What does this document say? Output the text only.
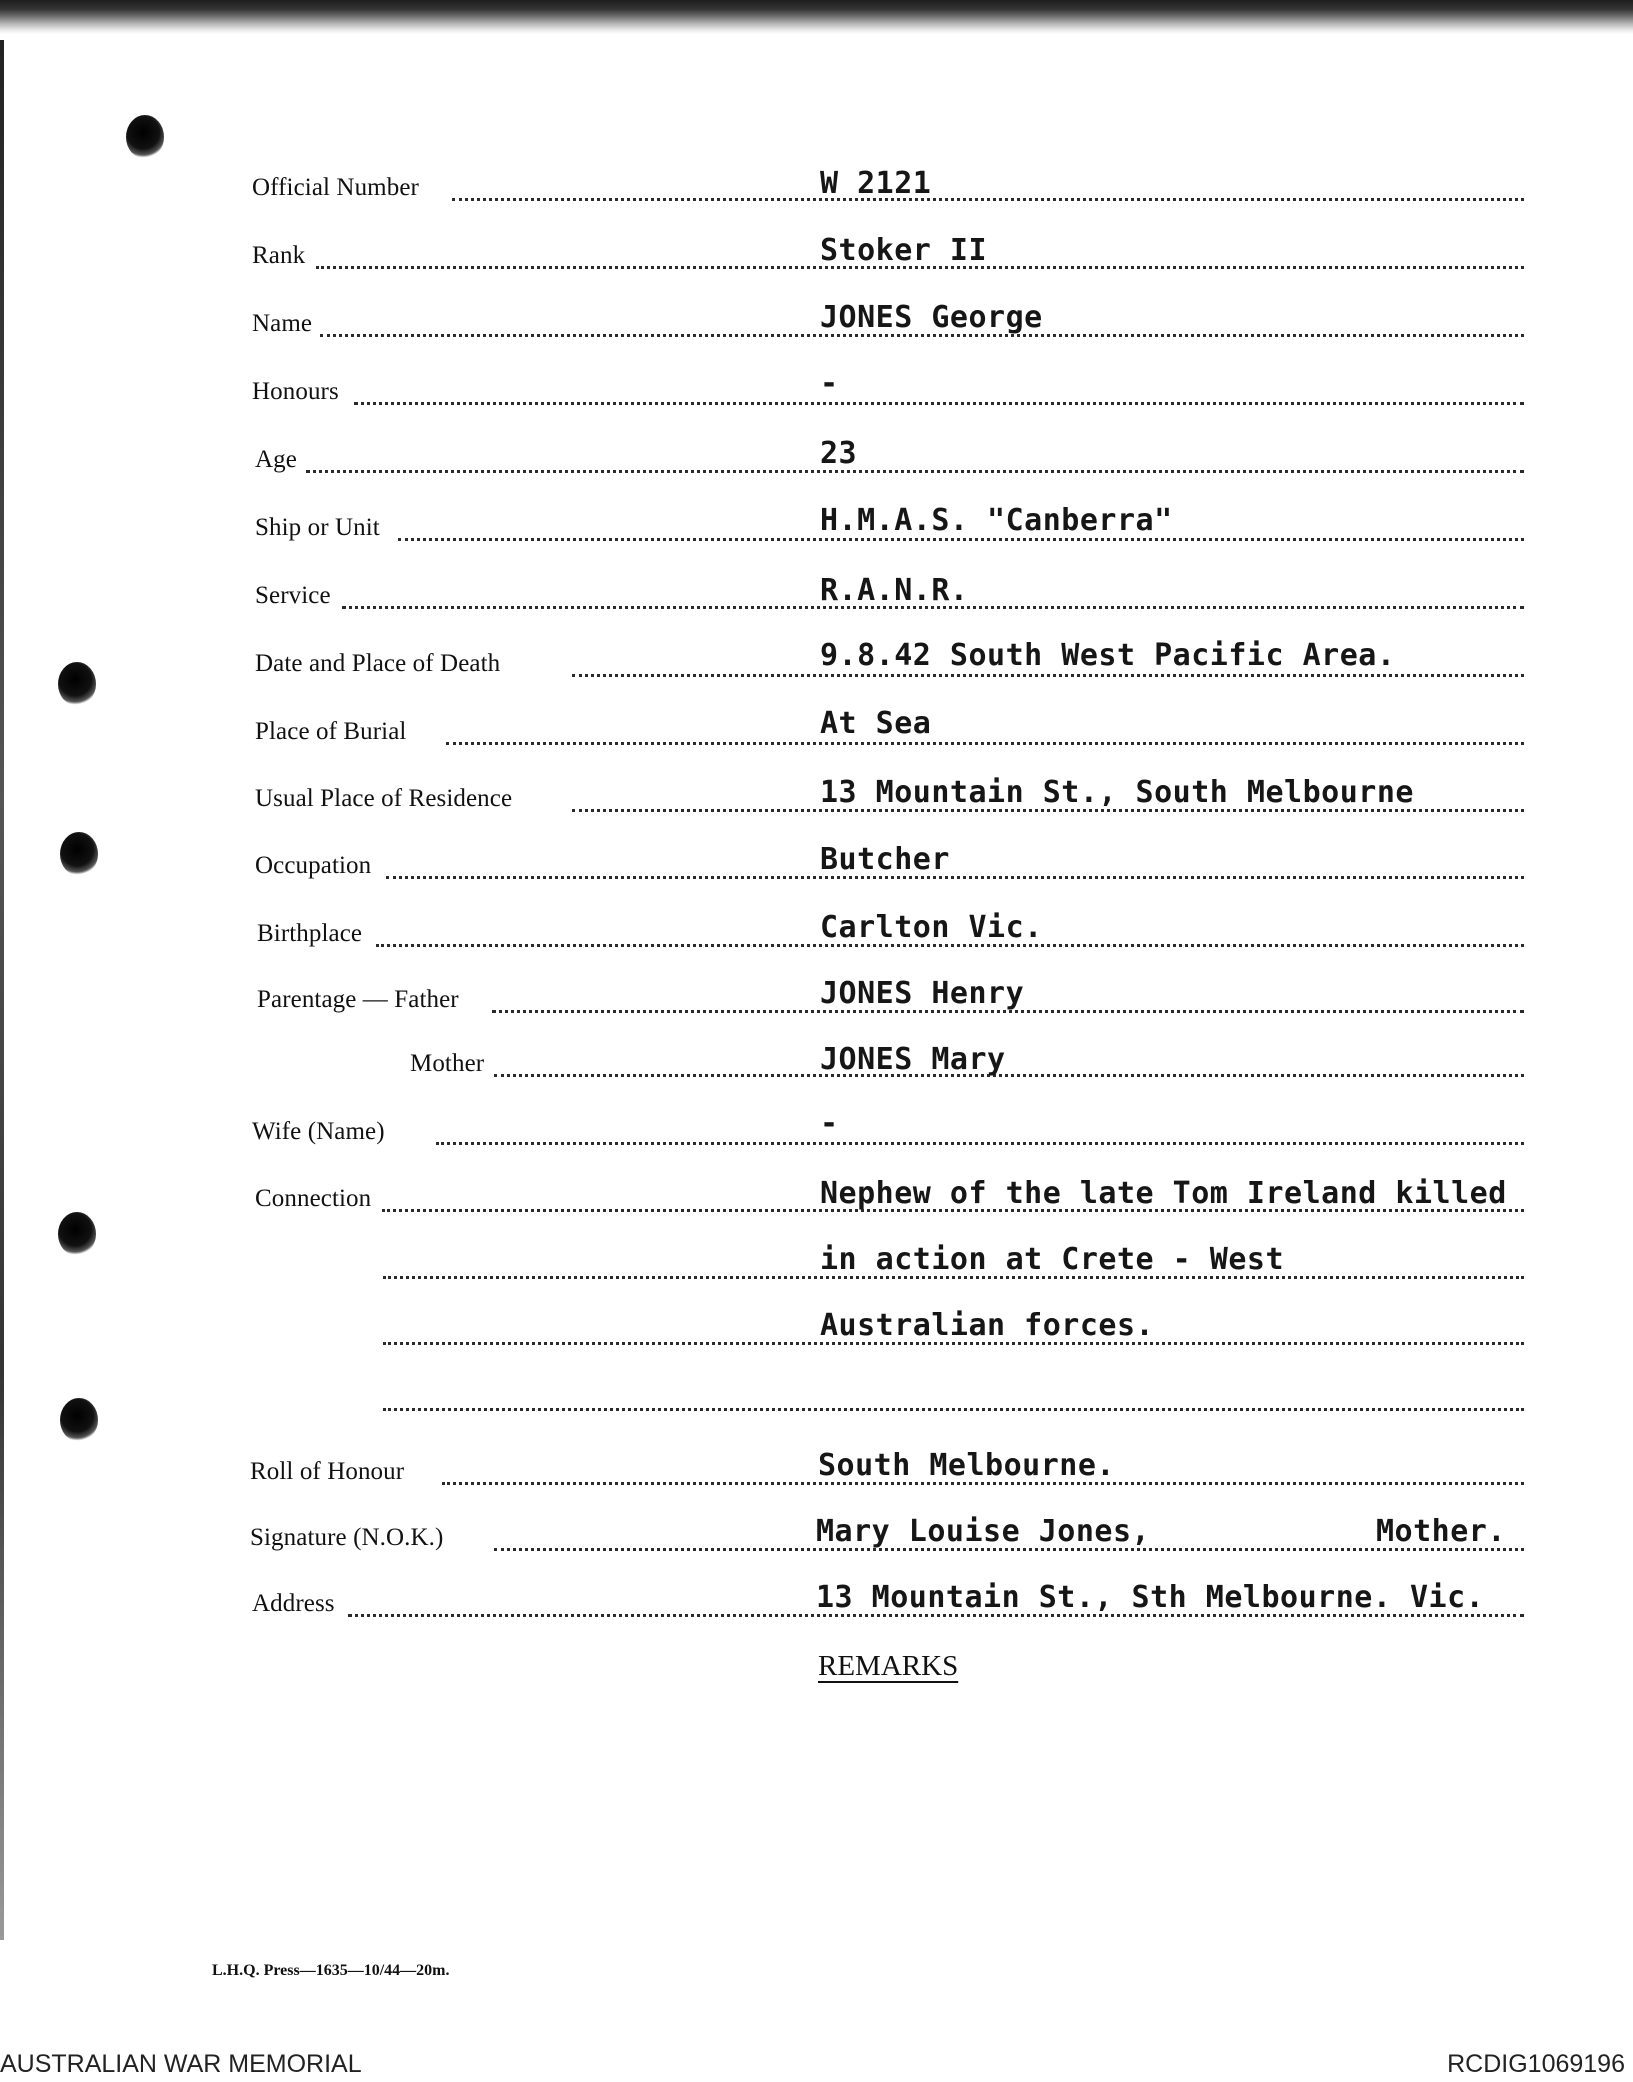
Official Number	W 2121
Rank	Stoker II
Name	JONES George
Honours	-
Age	23
Ship or Unit	H.M.A.S. "Canberra"
Service	R.A.N.R.
Date and Place of Death	9.8.42 South West Pacific Area.
Place of Burial	At Sea
Usual Place of Residence	13 Mountain St., South Melbourne
Occupation	Butcher
Birthplace	Carlton Vic.
Parentage — Father	JONES Henry
Mother	JONES Mary
Wife (Name)	-
Connection	Nephew of the late Tom Ireland killed
in action at Crete - West
Australian forces.
Roll of Honour	South Melbourne.
Signature (N.O.K.)	Mary Louise Jones,	Mother.
Address	13 Mountain St., Sth Melbourne. Vic.
REMARKS
L.H.Q. Press—1635—10/44—20m.
AUSTRALIAN WAR MEMORIAL	RCDIG1069196
